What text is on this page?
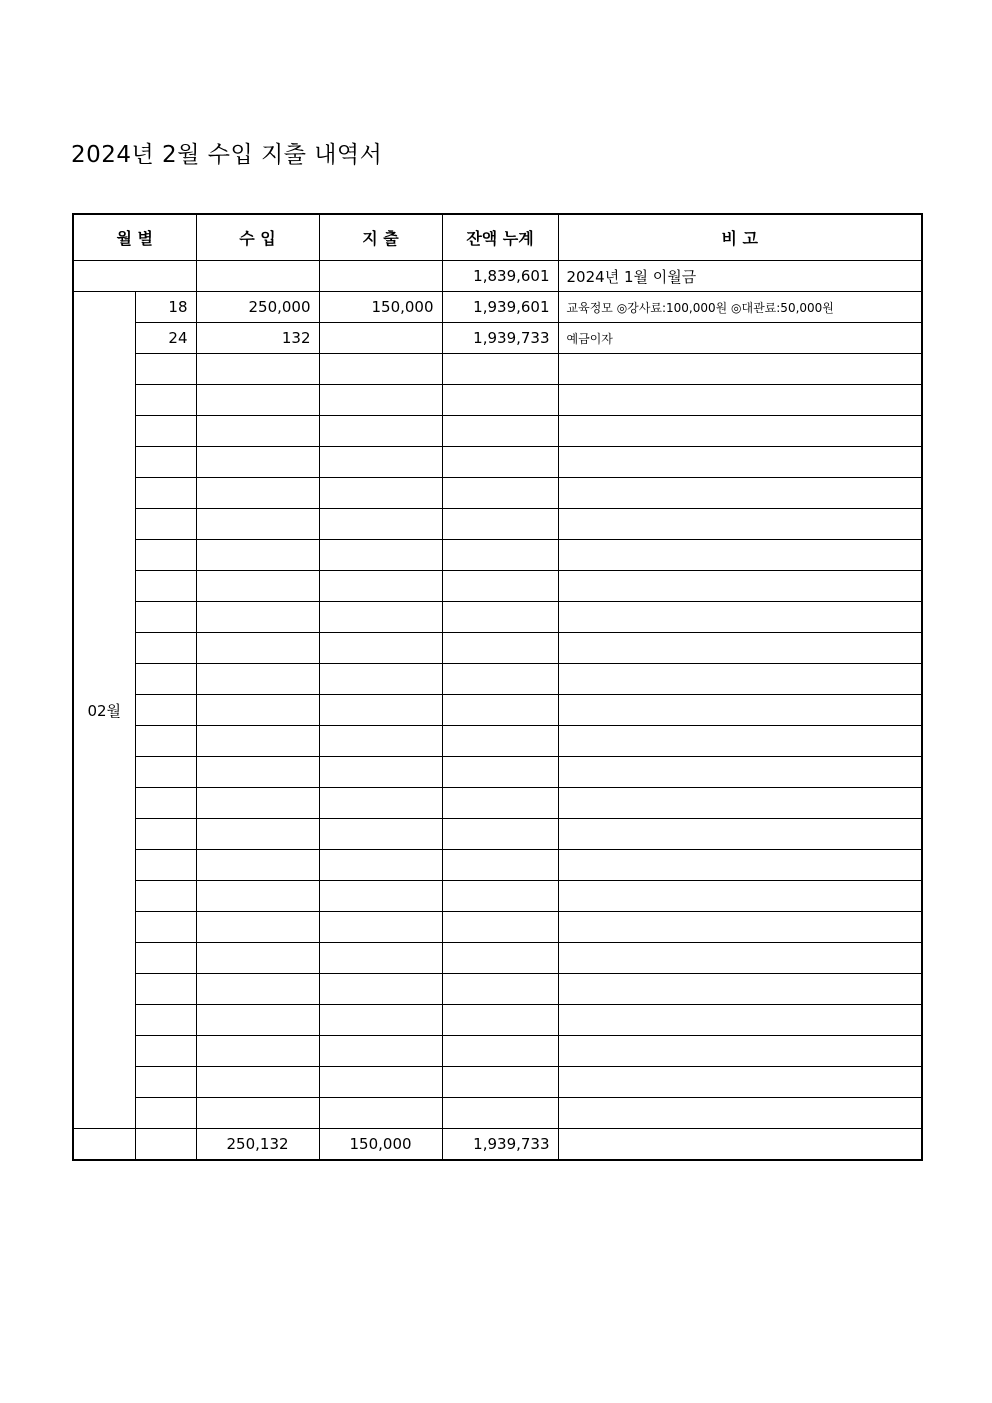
2024년 2월 수입 지출 내역서
월 별		수 입	지 출	잔액 누계	비 고
				1,839,601	2024년 1월 이월금
02월	18	250,000	150,000	1,939,601	교육정모 ◎강사료:100,000원 ◎대관료:50,000원
	24	132		1,939,733	예금이자

		250,132	150,000	1,939,733	
